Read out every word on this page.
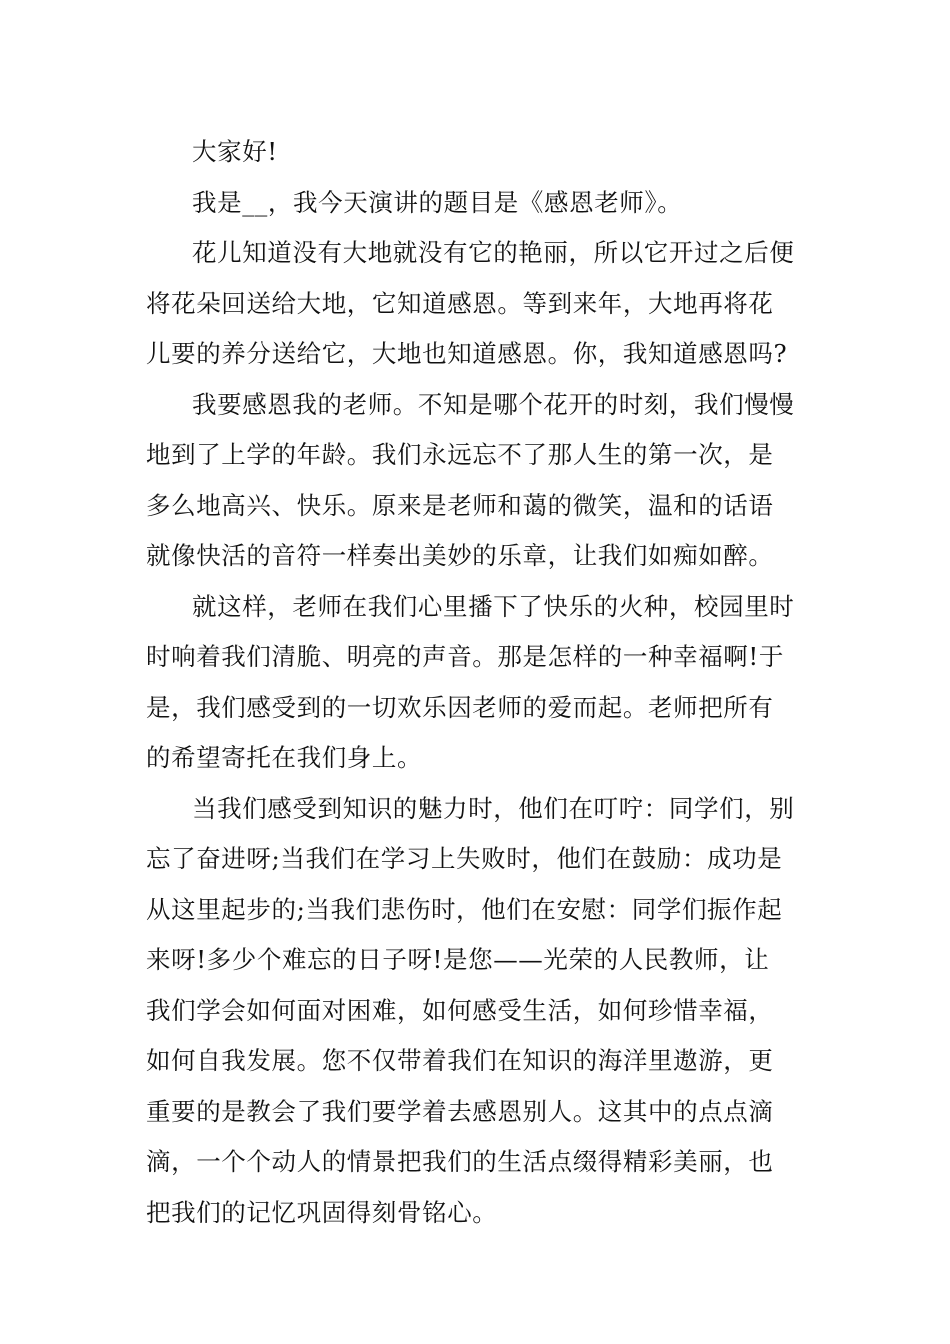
大家好!
我是__，我今天演讲的题目是《感恩老师》。
花儿知道没有大地就没有它的艳丽，所以它开过之后便
将花朵回送给大地，它知道感恩。等到来年，大地再将花
儿要的养分送给它，大地也知道感恩。你，我知道感恩吗?
我要感恩我的老师。不知是哪个花开的时刻，我们慢慢
地到了上学的年龄。我们永远忘不了那人生的第一次，是
多么地高兴、快乐。原来是老师和蔼的微笑，温和的话语
就像快活的音符一样奏出美妙的乐章，让我们如痴如醉。
就这样，老师在我们心里播下了快乐的火种，校园里时
时响着我们清脆、明亮的声音。那是怎样的一种幸福啊!于
是，我们感受到的一切欢乐因老师的爱而起。老师把所有
的希望寄托在我们身上。
当我们感受到知识的魅力时，他们在叮咛：同学们，别
忘了奋进呀;当我们在学习上失败时，他们在鼓励：成功是
从这里起步的;当我们悲伤时，他们在安慰：同学们振作起
来呀!多少个难忘的日子呀!是您——光荣的人民教师，让
我们学会如何面对困难，如何感受生活，如何珍惜幸福，
如何自我发展。您不仅带着我们在知识的海洋里遨游，更
重要的是教会了我们要学着去感恩别人。这其中的点点滴
滴，一个个动人的情景把我们的生活点缀得精彩美丽，也
把我们的记忆巩固得刻骨铭心。
